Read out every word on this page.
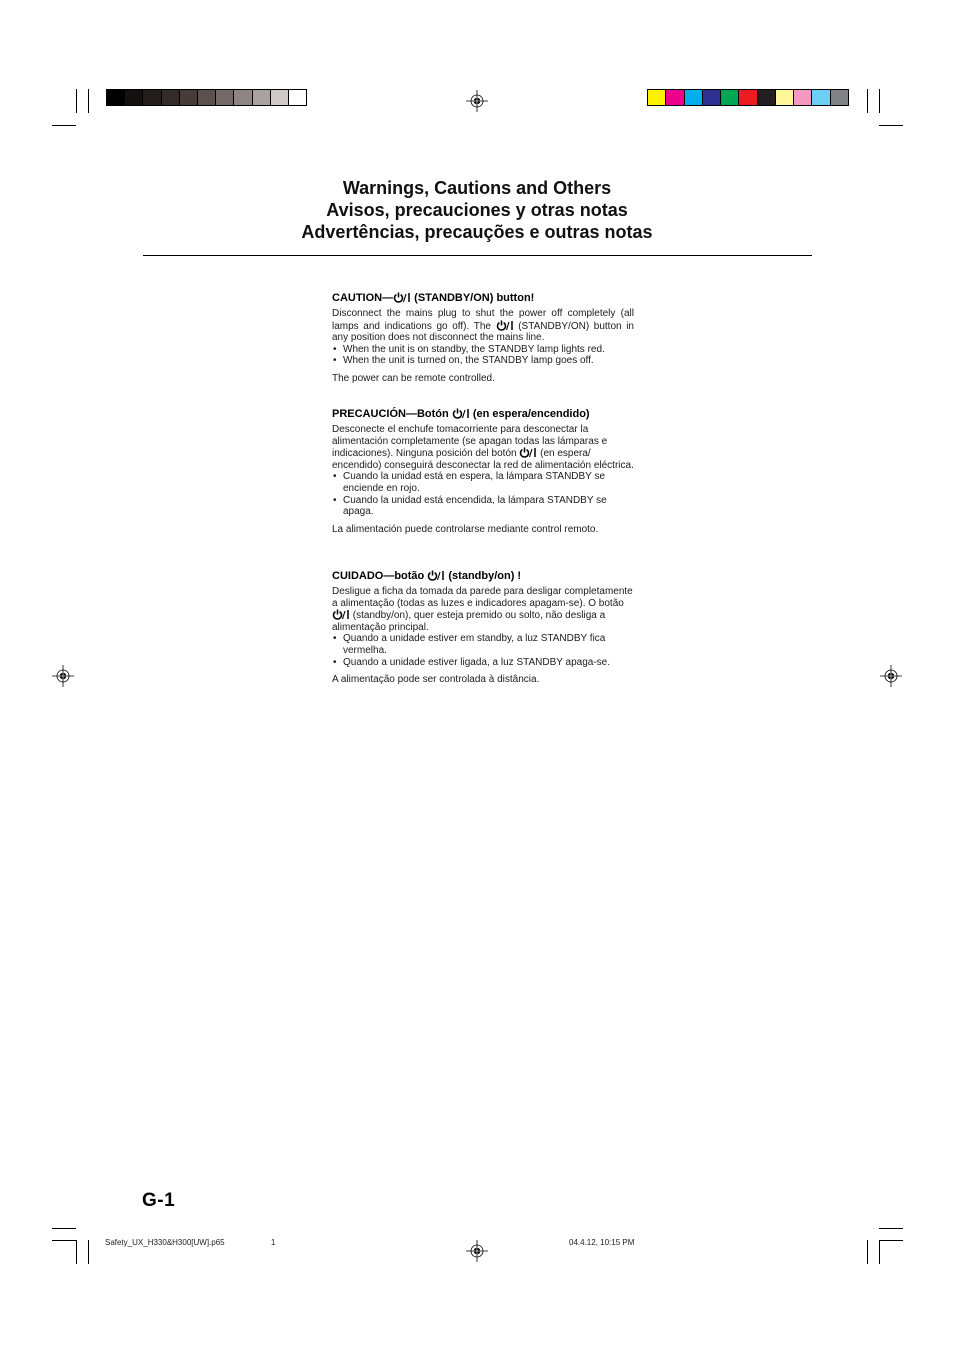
Warnings, Cautions and Others
Avisos, precauciones y otras notas
Advertências, precauções e outras notas
CAUTION— (STANDBY/ON) button!

Disconnect the mains plug to shut the power off completely (all lamps and indications go off). The  (STANDBY/ON) button in any position does not disconnect the mains line.

• When the unit is on standby, the STANDBY lamp lights red.
• When the unit is turned on, the STANDBY lamp goes off.

The power can be remote controlled.

PRECAUCIÓN—Botón  (en espera/encendido)

Desconecte el enchufe tomacorriente para desconectar la alimentación completamente (se apagan todas las lámparas e indicaciones). Ninguna posición del botón  (en espera/ encendido) conseguirá desconectar la red de alimentación eléctrica.

• Cuando la unidad está en espera, la lámpara STANDBY se enciende en rojo.
• Cuando la unidad está encendida, la lámpara STANDBY se apaga.

La alimentación puede controlarse mediante control remoto.

CUIDADO—botão  (standby/on) !

Desligue a ficha da tomada da parede para desligar completamente a alimentação (todas as luzes e indicadores apagam-se). O botão  (standby/on), quer esteja premido ou solto, não desliga a alimentação principal.

• Quando a unidade estiver em standby, a luz STANDBY fica vermelha.
• Quando a unidade estiver ligada, a luz STANDBY apaga-se.

A alimentação pode ser controlada à distância.

G-1
Safety_UX_H330&H300[UW].p65	1	04.4.12, 10:15 PM
